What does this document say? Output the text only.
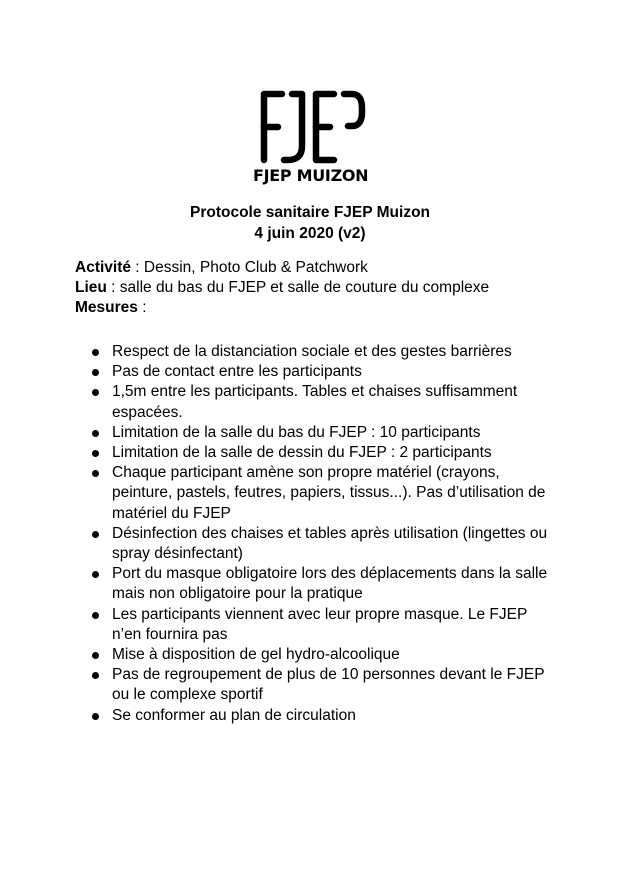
FJEP MUIZON
Protocole sanitaire FJEP Muizon
4 juin 2020 (v2)
Activité : Dessin, Photo Club & Patchwork
Lieu : salle du bas du FJEP et salle de couture du complexe
Mesures :
Respect de la distanciation sociale et des gestes barrières
Pas de contact entre les participants
1,5m entre les participants. Tables et chaises suffisamment espacées.
Limitation de la salle du bas du FJEP : 10 participants
Limitation de la salle de dessin du FJEP : 2 participants
Chaque participant amène son propre matériel (crayons, peinture, pastels, feutres, papiers, tissus...). Pas d’utilisation de matériel du FJEP
Désinfection des chaises et tables après utilisation (lingettes ou spray désinfectant)
Port du masque obligatoire lors des déplacements dans la salle mais non obligatoire pour la pratique
Les participants viennent avec leur propre masque. Le FJEP n’en fournira pas
Mise à disposition de gel hydro-alcoolique
Pas de regroupement de plus de 10 personnes devant le FJEP ou le complexe sportif
Se conformer au plan de circulation
